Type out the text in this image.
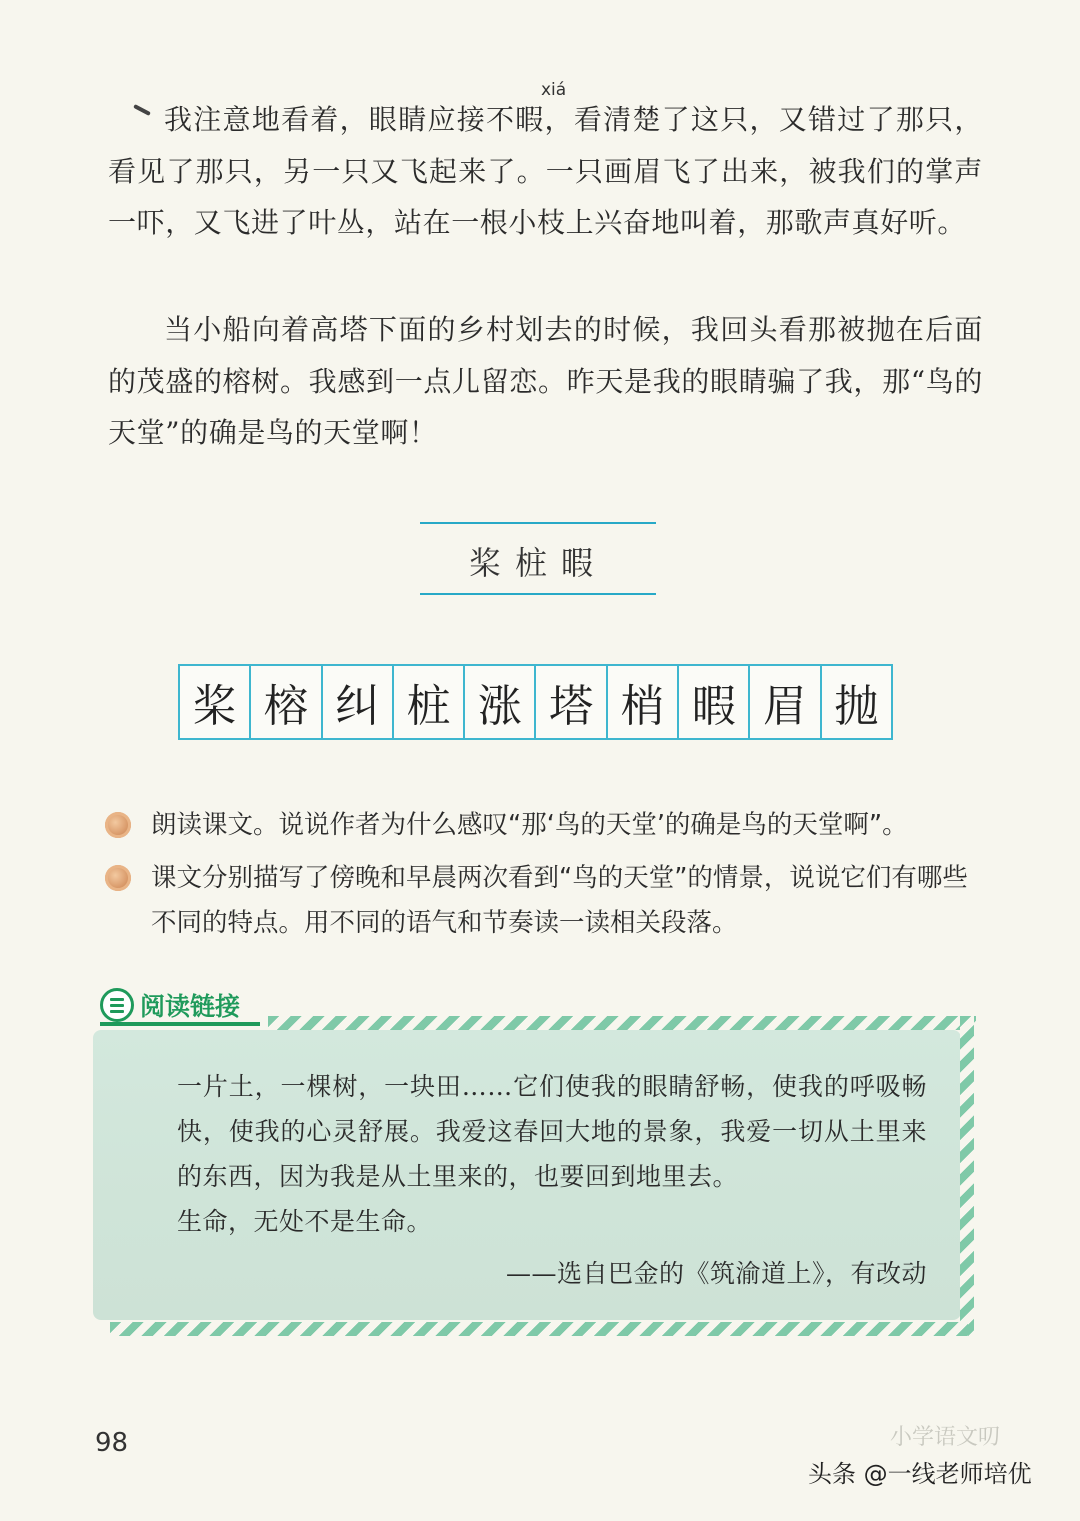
xiá

我注意地看着，眼睛应接不暇，看清楚了这只，又错过了那只，看见了那只，另一只又飞起来了。一只画眉飞了出来，被我们的掌声一吓，又飞进了叶丛，站在一根小枝上兴奋地叫着，那歌声真好听。

当小船向着高塔下面的乡村划去的时候，我回头看那被抛在后面的茂盛的榕树。我感到一点儿留恋。昨天是我的眼睛骗了我，那“鸟的天堂”的确是鸟的天堂啊！

桨桩暇
桨 榕 纠 桩 涨 塔 梢 暇 眉 抛
朗读课文。说说作者为什么感叹“那‘鸟的天堂’的确是鸟的天堂啊”。
课文分别描写了傍晚和早晨两次看到“鸟的天堂”的情景，说说它们有哪些不同的特点。用不同的语气和节奏读一读相关段落。
阅读链接

一片土，一棵树，一块田……它们使我的眼睛舒畅，使我的呼吸畅快，使我的心灵舒展。我爱这春回大地的景象，我爱一切从土里来的东西，因为我是从土里来的，也要回到地里去。

生命，无处不是生命。

——选自巴金的《筑渝道上》，有改动
98	小学语文叨
头条 @一线老师培优
